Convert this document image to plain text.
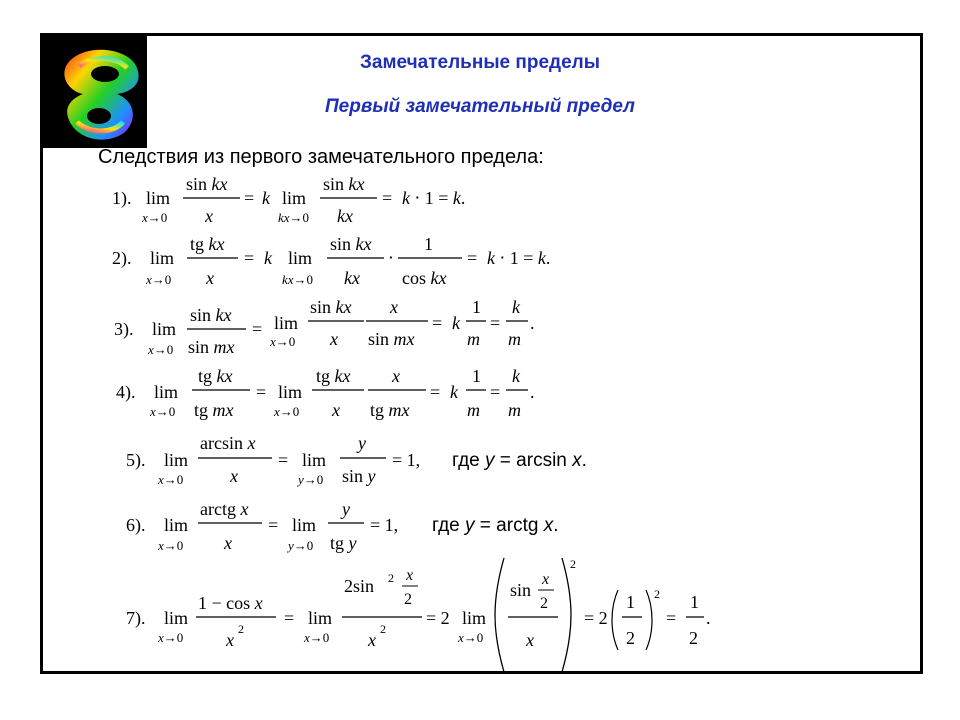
Замечательные пределы
Первый замечательный предел
Следствия из первого замечательного предела:
1). lim
x→0
sin kx
x
= k lim
kx→0
sin kx
kx
= k ⋅ 1 = k.
2). lim
x→0
tg kx
x
= k lim
kx→0
sin kx
kx
⋅
1
cos kx
= k ⋅ 1 = k.
3). lim
x→0
sin kx
sin mx
= lim
x→0
sin kx
x
x
sin mx
= k
1
m
=
k
m
.
4). lim
x→0
tg kx
tg mx
= lim
x→0
tg kx
x
x
tg mx
= k
1
m
=
k
m
.
5). lim
x→0
arcsin x
x
= lim
y→0
y
sin y
= 1,
6). lim
x→0
arctg x
x
= lim
y→0
y
tg y
= 1,
7). lim
x→0
1 − cos x
x
2
= lim
x→0
2sin 2 x
2
x
2
= 2 lim
x→0
sin
x
2
x
2
= 2
1
2
2
=
1
2
.
где y = arcsin x.
где y = arctg x.
